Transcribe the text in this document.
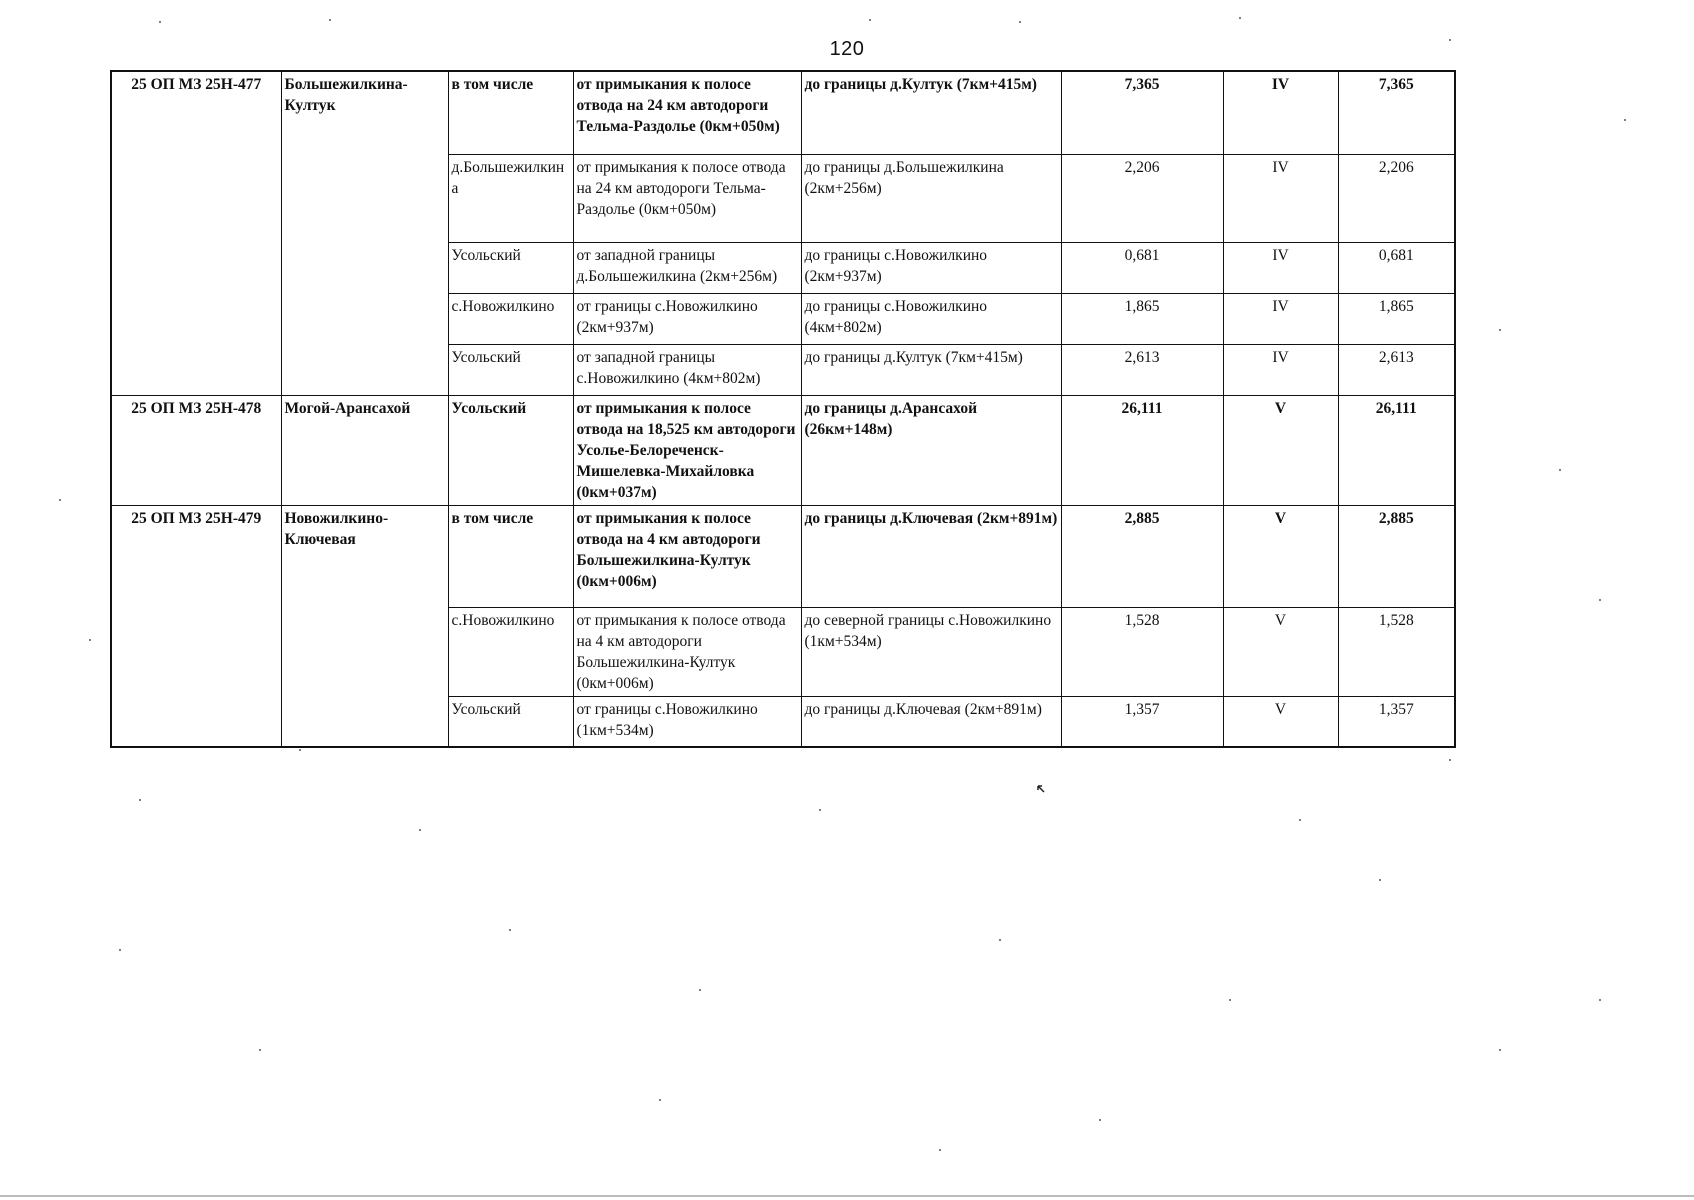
120
25 ОП МЗ 25Н-477	Большежилкина-Култук	в том числе	от примыкания к полосе отвода на 24 км автодороги Тельма-Раздолье (0км+050м)	до границы д.Култук (7км+415м)	7,365	IV	7,365
		д.Большежилкина	от примыкания к полосе отвода на 24 км автодороги Тельма-Раздолье (0км+050м)	до границы д.Большежилкина (2км+256м)	2,206	IV	2,206
		Усольский	от западной границы д.Большежилкина (2км+256м)	до границы с.Новожилкино (2км+937м)	0,681	IV	0,681
		с.Новожилкино	от границы с.Новожилкино (2км+937м)	до границы с.Новожилкино (4км+802м)	1,865	IV	1,865
		Усольский	от западной границы с.Новожилкино (4км+802м)	до границы д.Култук (7км+415м)	2,613	IV	2,613
25 ОП МЗ 25Н-478	Могой-Арансахой	Усольский	от примыкания к полосе отвода на 18,525 км автодороги Усолье-Белореченск-Мишелевка-Михайловка (0км+037м)	до границы д.Арансахой (26км+148м)	26,111	V	26,111
25 ОП МЗ 25Н-479	Новожилкино-Ключевая	в том числе	от примыкания к полосе отвода на 4 км автодороги Большежилкина-Култук (0км+006м)	до границы д.Ключевая (2км+891м)	2,885	V	2,885
		с.Новожилкино	от примыкания к полосе отвода на 4 км автодороги Большежилкина-Култук (0км+006м)	до северной границы с.Новожилкино (1км+534м)	1,528	V	1,528
		Усольский	от границы с.Новожилкино (1км+534м)	до границы д.Ключевая (2км+891м)	1,357	V	1,357
